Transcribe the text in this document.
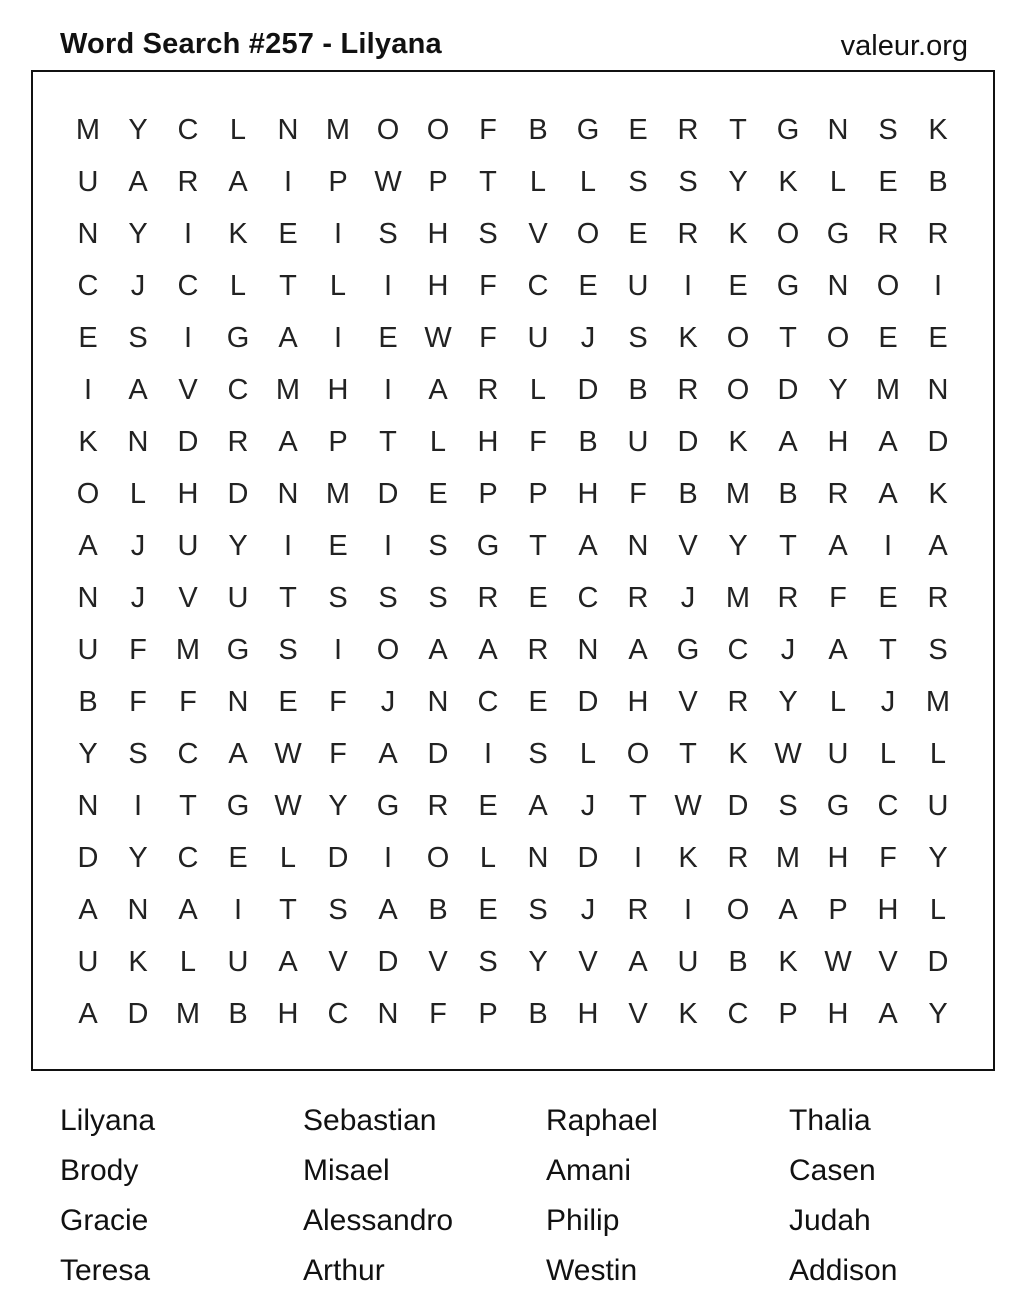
Word Search #257 - Lilyana	valeur.org
M Y	C	L	N M O O	F	B	G	E	R	T	G N	S	K
U	A	R	A	I	P W P	T	L	L	S	S	Y	K	L	E	B
N	Y	I	K	E	I	S	H	S	V	O	E	R	K	O G R	R
C	J	C	L	T	L	I	H	F	C	E	U	I	E	G N O	I
E	S	I	G	A	I	E W F	U	J	S	K	O	T	O	E	E
I	A	V	C M H	I	A	R	L	D	B	R O D	Y M N
K	N	D	R	A	P	T	L	H	F	B	U	D	K	A	H	A	D
O	L	H	D	N M D	E	P	P	H	F	B M B	R	A	K
A	J	U	Y	I	E	I	S	G	T	A	N	V	Y	T	A	I	A
N	J	V	U	T	S	S	S	R	E	C	R	J	M R	F	E	R
U	F	M G	S	I	O	A	A	R	N	A	G C	J	A	T	S
B	F	F	N	E	F	J	N	C	E	D	H	V	R	Y	L	J	M
Y	S	C	A W F	A	D	I	S	L	O	T	K W U	L	L
N	I	T	G W Y	G R	E	A	J	T W D	S	G C	U
D	Y	C	E	L	D	I	O	L	N	D	I	K	R M H	F	Y
A	N	A	I	T	S	A	B	E	S	J	R	I	O	A	P	H	L
U	K	L	U	A	V	D	V	S	Y	V	A	U	B	K W V	D
A	D M B	H	C	N	F	P	B	H	V	K	C	P	H	A	Y
Lilyana	Sebastian	Raphael	Thalia
Brody	Misael	Amani	Casen
Gracie	Alessandro	Philip	Judah
Teresa	Arthur	Westin	Addison
